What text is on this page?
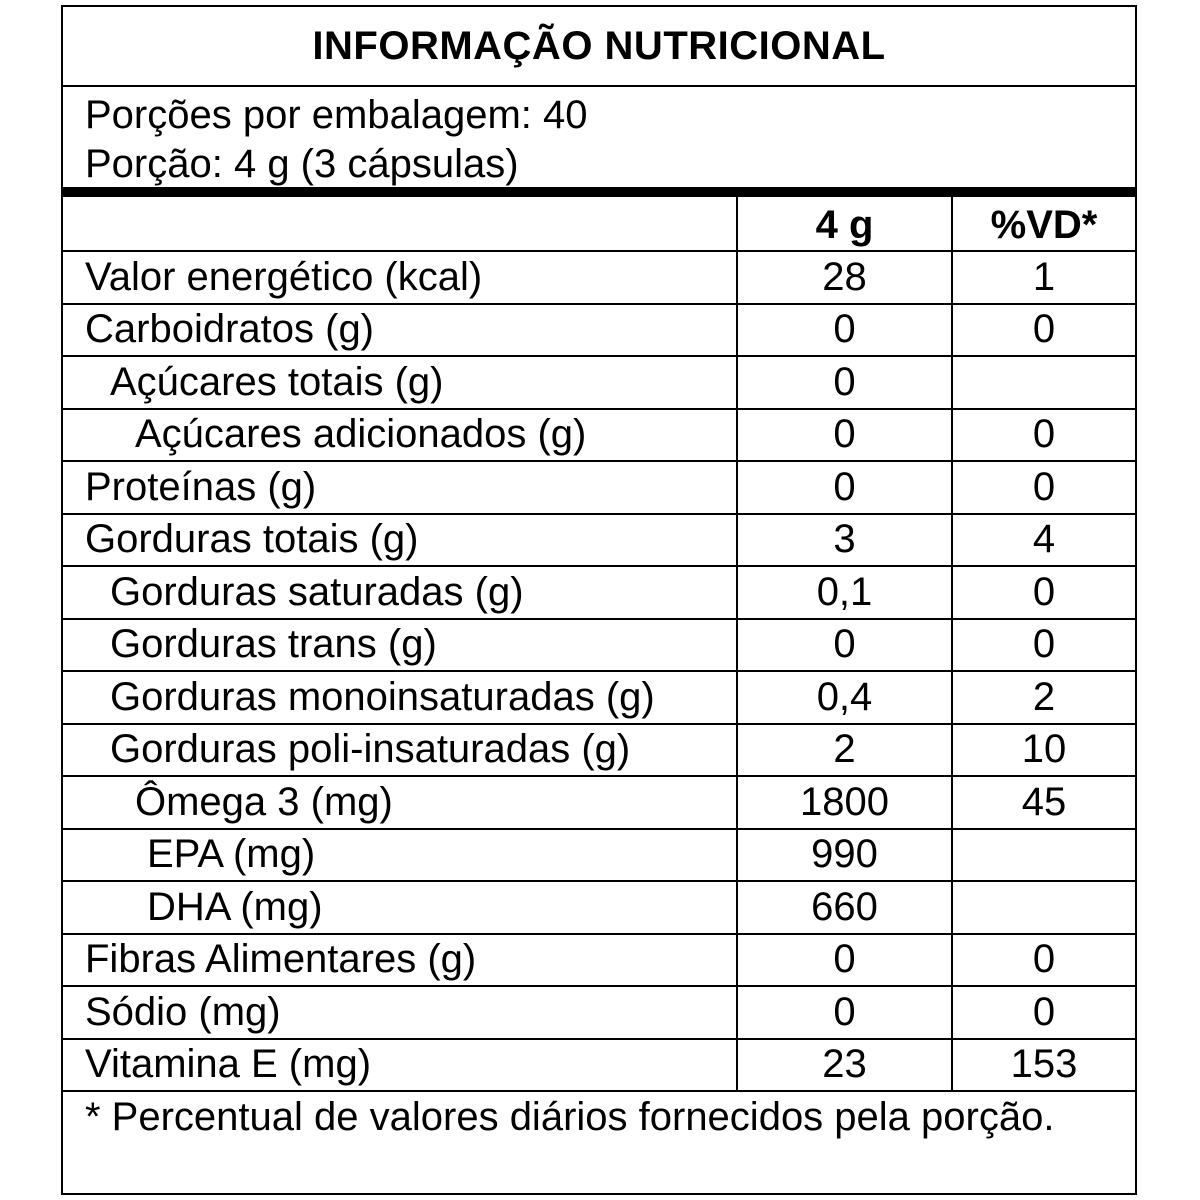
INFORMAÇÃO NUTRICIONAL
Porções por embalagem: 40
Porção: 4 g (3 cápsulas)
4 g	%VD*
Valor energético (kcal)	28	1
Carboidratos (g)	0	0
Açúcares totais (g)	0
Açúcares adicionados (g)	0	0
Proteínas (g)	0	0
Gorduras totais (g)	3	4
Gorduras saturadas (g)	0,1	0
Gorduras trans (g)	0	0
Gorduras monoinsaturadas (g)	0,4	2
Gorduras poli-insaturadas (g)	2	10
Ômega 3 (mg)	1800	45
EPA (mg)	990
DHA (mg)	660
Fibras Alimentares (g)	0	0
Sódio (mg)	0	0
Vitamina E (mg)	23	153
* Percentual de valores diários fornecidos pela porção.
